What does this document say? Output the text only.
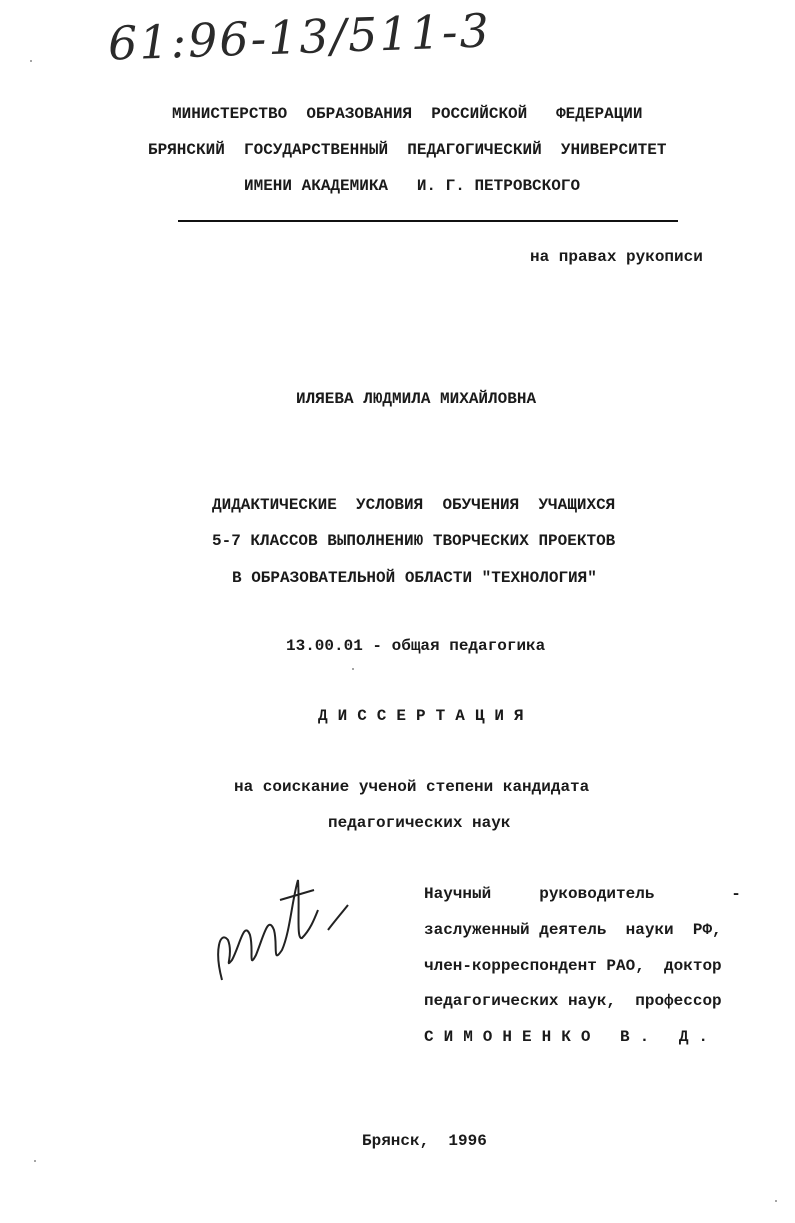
61:96-13/511-3
МИНИСТЕРСТВО  ОБРАЗОВАНИЯ  РОССИЙСКОЙ   ФЕДЕРАЦИИ
БРЯНСКИЙ  ГОСУДАРСТВЕННЫЙ  ПЕДАГОГИЧЕСКИЙ  УНИВЕРСИТЕТ
ИМЕНИ АКАДЕМИКА   И. Г. ПЕТРОВСКОГО
на правах рукописи
ИЛЯЕВА ЛЮДМИЛА МИХАЙЛОВНА
ДИДАКТИЧЕСКИЕ  УСЛОВИЯ  ОБУЧЕНИЯ  УЧАЩИХСЯ
5-7 КЛАССОВ ВЫПОЛНЕНИЮ ТВОРЧЕСКИХ ПРОЕКТОВ
В ОБРАЗОВАТЕЛЬНОЙ ОБЛАСТИ "ТЕХНОЛОГИЯ"
13.00.01 - общая педагогика
ДИССЕРТАЦИЯ
на соискание ученой степени кандидата
педагогических наук
Научный     руководитель        -
заслуженный деятель  науки  РФ,
член-корреспондент РАО,  доктор
педагогических наук,  профессор
СИМОНЕНКО В. Д.
Брянск,  1996
